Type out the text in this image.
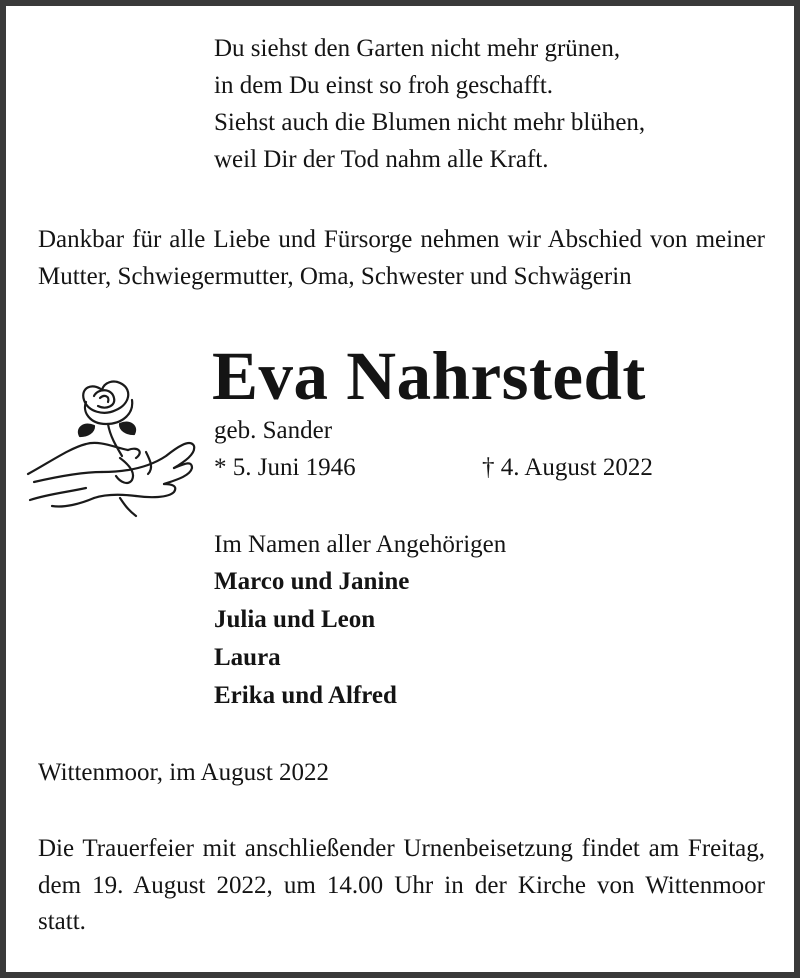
Du siehst den Garten nicht mehr grünen,
in dem Du einst so froh geschafft.
Siehst auch die Blumen nicht mehr blühen,
weil Dir der Tod nahm alle Kraft.
Dankbar für alle Liebe und Fürsorge nehmen wir Abschied von meiner Mutter, Schwiegermutter, Oma, Schwester und Schwägerin
Eva Nahrstedt
geb. Sander
* 5. Juni 1946	† 4. August 2022
Im Namen aller Angehörigen
Marco und Janine
Julia und Leon
Laura
Erika und Alfred
Wittenmoor, im August 2022
Die Trauerfeier mit anschließender Urnenbeisetzung findet am Freitag, dem 19. August 2022, um 14.00 Uhr in der Kirche von Wittenmoor statt.
